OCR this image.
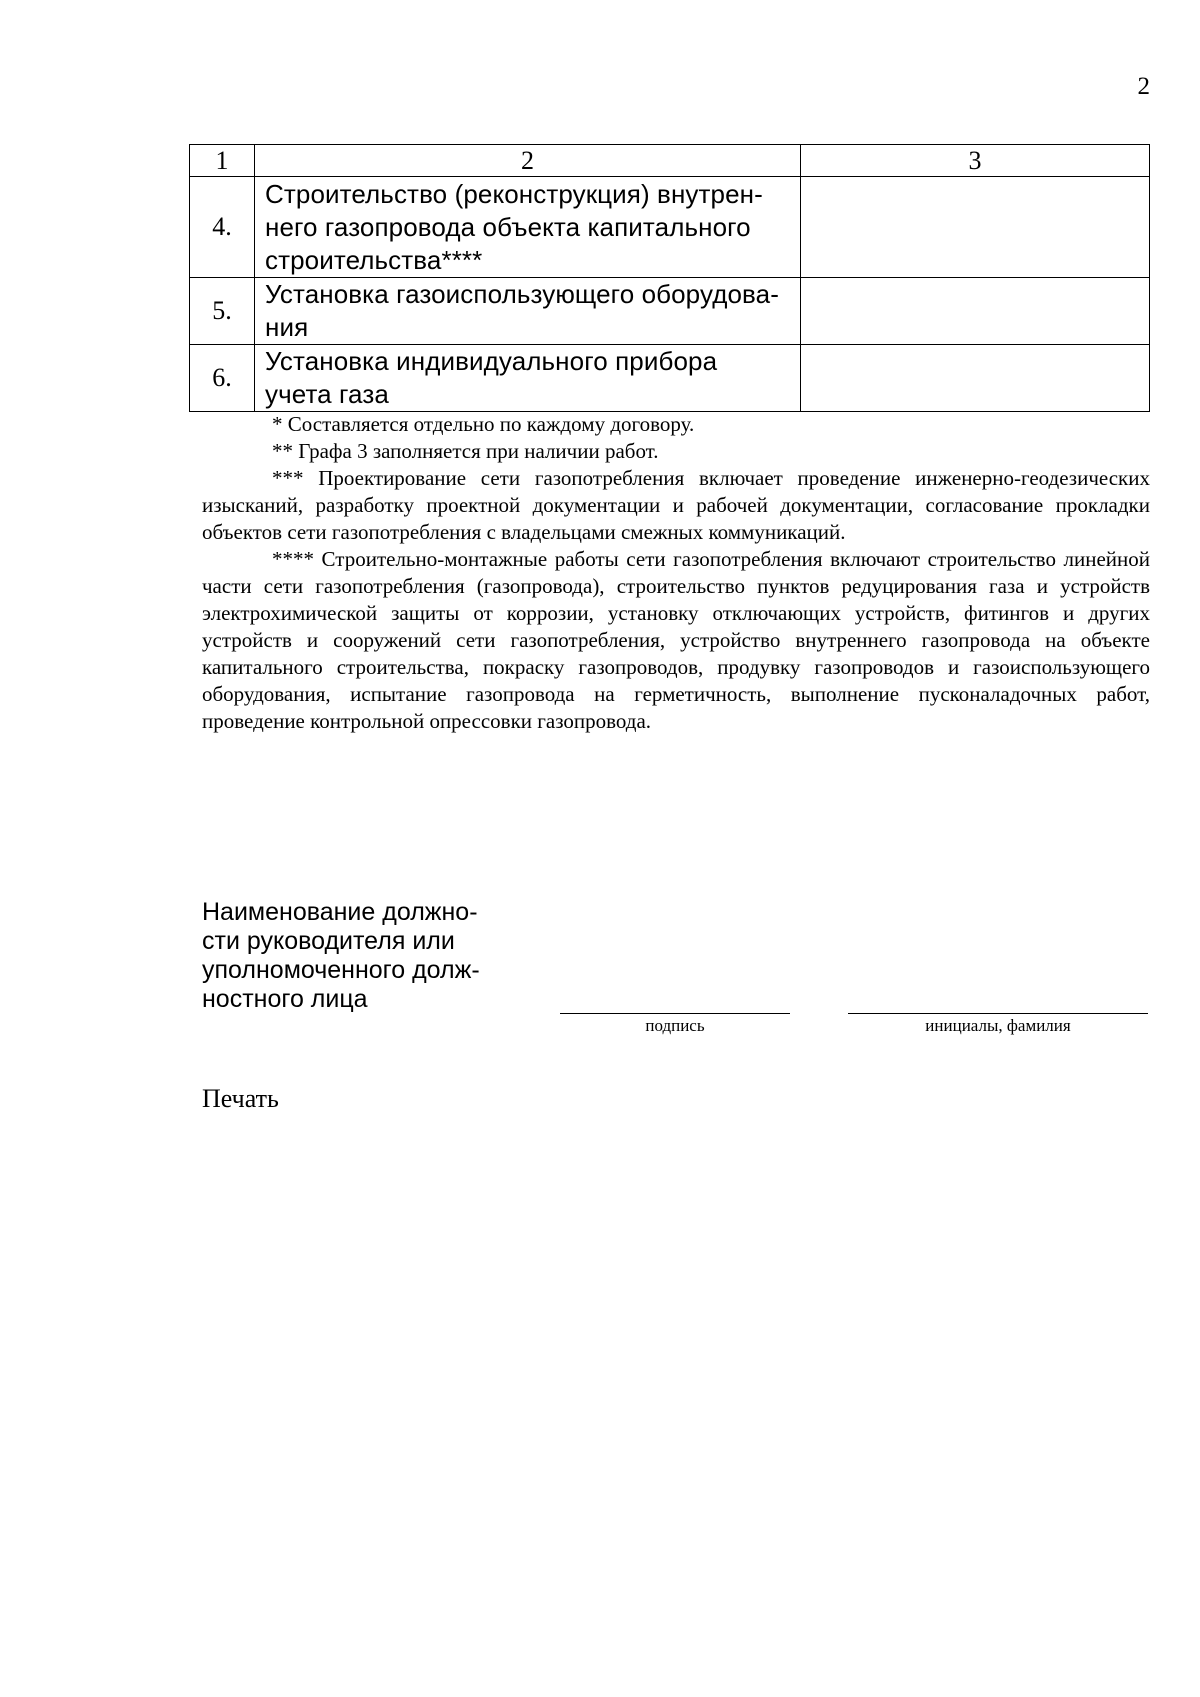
2
1	2	3
4.	Строительство (реконструкция) внутрен-
него газопровода объекта капитального
строительства****	

5.	Установка газоиспользующего оборудова-
ния	

6.	Установка индивидуального прибора
учета газа	

* Составляется отдельно по каждому договору.

** Графа 3 заполняется при наличии работ.

*** Проектирование сети газопотребления включает проведение инженерно-геодезических изысканий, разработку проектной документации и рабочей документации, согласование прокладки объектов сети газопотребления с владельцами смежных коммуникаций.

**** Строительно-монтажные работы сети газопотребления включают строительство линейной части сети газопотребления (газопровода), строительство пунктов редуцирования газа и устройств электрохимической защиты от коррозии, установку отключающих устройств, фитингов и других устройств и сооружений сети газопотребления, устройство внутреннего газопровода на объекте капитального строительства, покраску газопроводов, продувку газопроводов и газоиспользующего оборудования, испытание газопровода на герметичность, выполнение пусконаладочных работ, проведение контрольной опрессовки газопровода.

Наименование должно-
сти руководителя или
уполномоченного долж-
ностного лица
подпись	инициалы, фамилия
Печать
